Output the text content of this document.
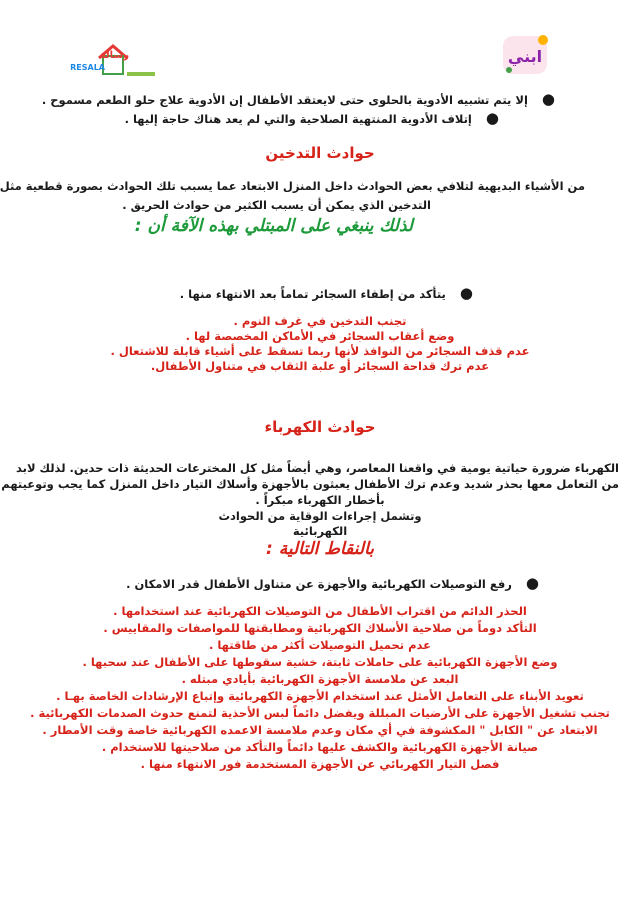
رسالة
RESALA
ابني
● إلا يتم تشبيه الأدوية بالحلوى حتى لايعتقد الأطفال إن الأدوية علاج حلو الطعم مسموح .
● إتلاف الأدوية المنتهية الصلاحية والتي لم يعد هناك حاجة إليها .
حوادث التدخين
من الأشياء البديهية لتلافي بعض الحوادث داخل المنزل الابتعاد عما يسبب تلك الحوادث بصورة قطعية مثل
التدخين الذي يمكن أن يسبب الكثير من حوادث الحريق .
لذلك ينبغي على المبتلي بهذه الآفة أن :
● يتأكد من إطفاء السجائر تماماً بعد الانتهاء منها .
تجنب التدخين في غرف النوم .
وضع أعقاب السجائر في الأماكن المخصصة لها .
عدم قذف السجائر من النوافذ لأنها ربما تسقط على أشياء قابلة للاشتعال .
عدم ترك قداحة السجائر أو علبة الثقاب في متناول الأطفال.
حوادث الكهرباء
الكهرباء ضرورة حياتية يومية في واقعنا المعاصر، وهي أيضاً مثل كل المخترعات الحديثة ذات حدين. لذلك لابد
من التعامل معها بحذر شديد وعدم ترك الأطفال يعبثون بالأجهزة وأسلاك التيار داخل المنزل كما يجب وتوعيتهم
بأخطار الكهرباء مبكراً .
وتشمل إجراءات الوقاية من الحوادث
الكهربائية
بالنقاط التالية :
● رفع التوصيلات الكهربائية والأجهزة عن متناول الأطفال قدر الامكان .
الحذر الدائم من اقتراب الأطفال من التوصيلات الكهربائية عند استخدامها .
التأكد دوماً من صلاحية الأسلاك الكهربائية ومطابقتها للمواصفات والمقاييس .
عدم تحميل التوصيلات أكثر من طاقتها .
وضع الأجهزة الكهربائية على حاملات ثابتة، خشية سقوطها على الأطفال عند سحبها .
البعد عن ملامسة الأجهزة الكهربائية بأيادي مبتله .
تعويد الأبناء على التعامل الأمثل عند استخدام الأجهزة الكهربائية وإتباع الإرشادات الخاصة بهـا .
تجنب تشغيل الأجهزة على الأرضيات المبللة ويفضل دائماً لبس الأحذية لتمنع حدوث الصدمات الكهربائية .
الابتعاد عن " الكابل " المكشوفة في أي مكان وعدم ملامسة الاعمده الكهربائية خاصة وقت الأمطار .
صيانة الأجهزة الكهربائية والكشف عليها دائماً والتأكد من صلاحيتها للاستخدام .
فصل التيار الكهربائي عن الأجهزة المستخدمة فور الانتهاء منها .
